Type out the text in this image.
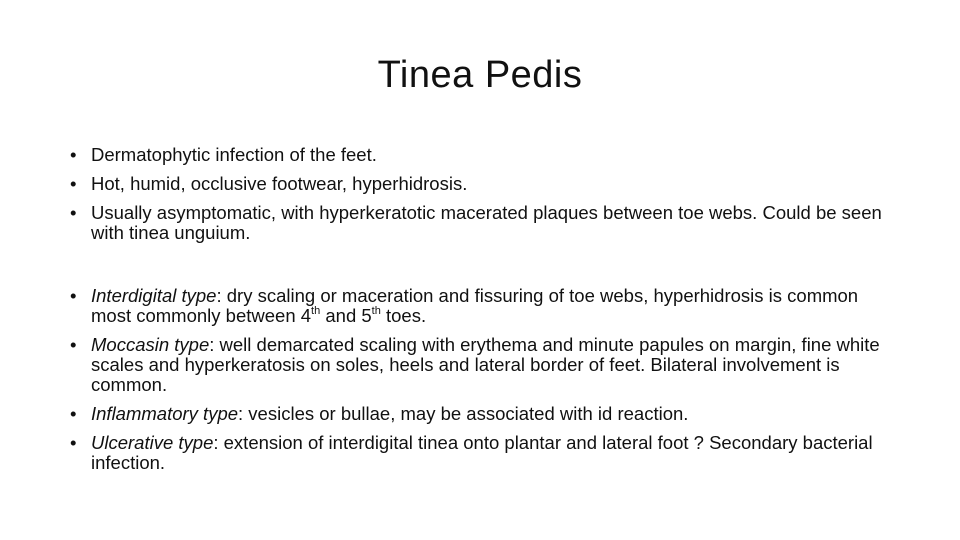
Tinea Pedis
• Dermatophytic infection of the feet.
• Hot, humid, occlusive footwear, hyperhidrosis.
• Usually asymptomatic, with hyperkeratotic macerated plaques between toe webs. Could be seen with tinea unguium.
• Interdigital type: dry scaling or maceration and fissuring of toe webs, hyperhidrosis is common most commonly between 4th and 5th toes.
• Moccasin type: well demarcated scaling with erythema and minute papules on margin, fine white scales and hyperkeratosis on soles, heels and lateral border of feet. Bilateral involvement is common.
• Inflammatory type: vesicles or bullae, may be associated with id reaction.
• Ulcerative type: extension of interdigital tinea onto plantar and lateral foot ? Secondary bacterial infection.
